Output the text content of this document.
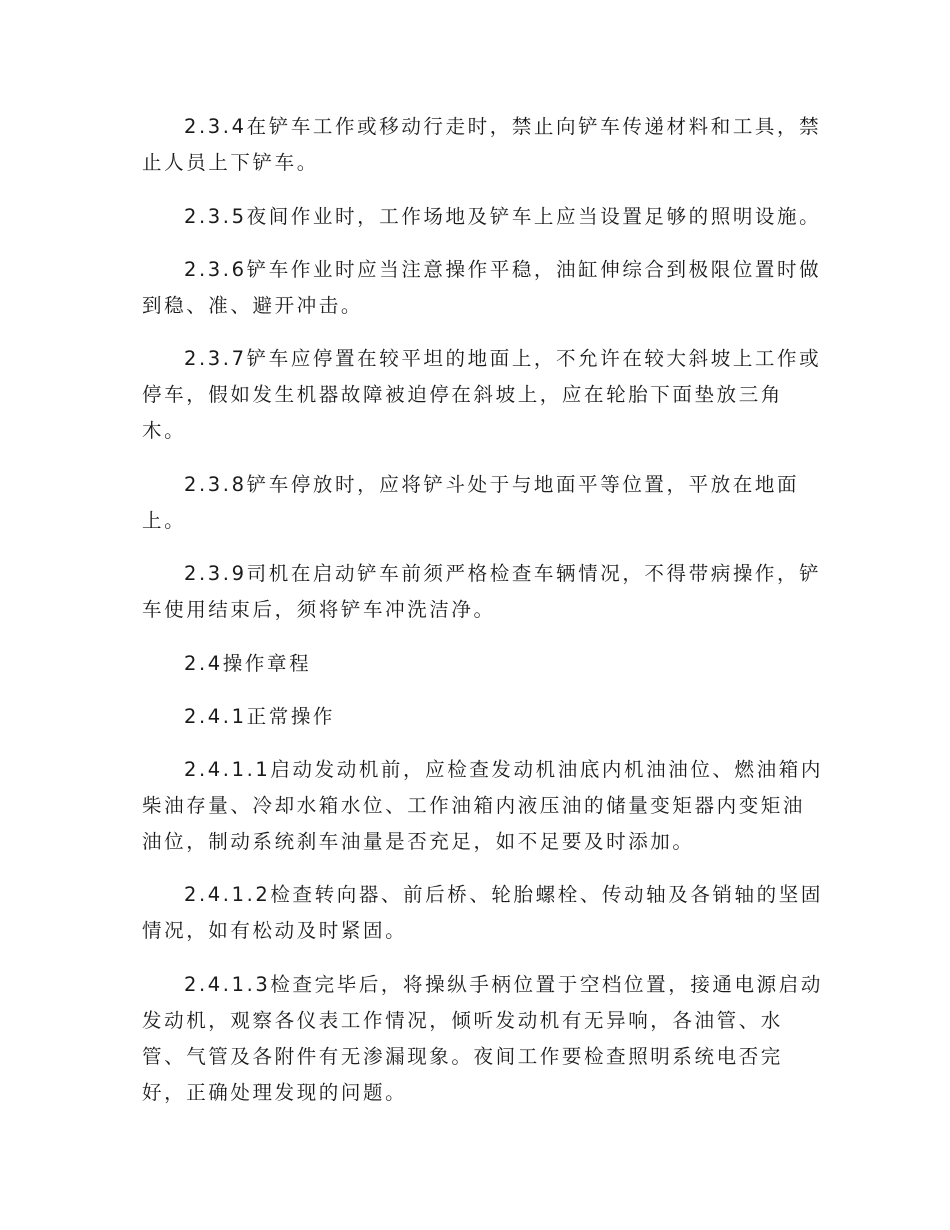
2.3.4在铲车工作或移动行走时，禁止向铲车传递材料和工具，禁
止人员上下铲车。
2.3.5夜间作业时，工作场地及铲车上应当设置足够的照明设施。
2.3.6铲车作业时应当注意操作平稳，油缸伸综合到极限位置时做
到稳、准、避开冲击。
2.3.7铲车应停置在较平坦的地面上，不允许在较大斜坡上工作或
停车，假如发生机器故障被迫停在斜坡上，应在轮胎下面垫放三角
木。
2.3.8铲车停放时，应将铲斗处于与地面平等位置，平放在地面
上。
2.3.9司机在启动铲车前须严格检查车辆情况，不得带病操作，铲
车使用结束后，须将铲车冲洗洁净。
2.4操作章程
2.4.1正常操作
2.4.1.1启动发动机前，应检查发动机油底内机油油位、燃油箱内
柴油存量、冷却水箱水位、工作油箱内液压油的储量变矩器内变矩油
油位，制动系统刹车油量是否充足，如不足要及时添加。
2.4.1.2检查转向器、前后桥、轮胎螺栓、传动轴及各销轴的坚固
情况，如有松动及时紧固。
2.4.1.3检查完毕后，将操纵手柄位置于空档位置，接通电源启动
发动机，观察各仪表工作情况，倾听发动机有无异响，各油管、水
管、气管及各附件有无渗漏现象。夜间工作要检查照明系统电否完
好，正确处理发现的问题。
